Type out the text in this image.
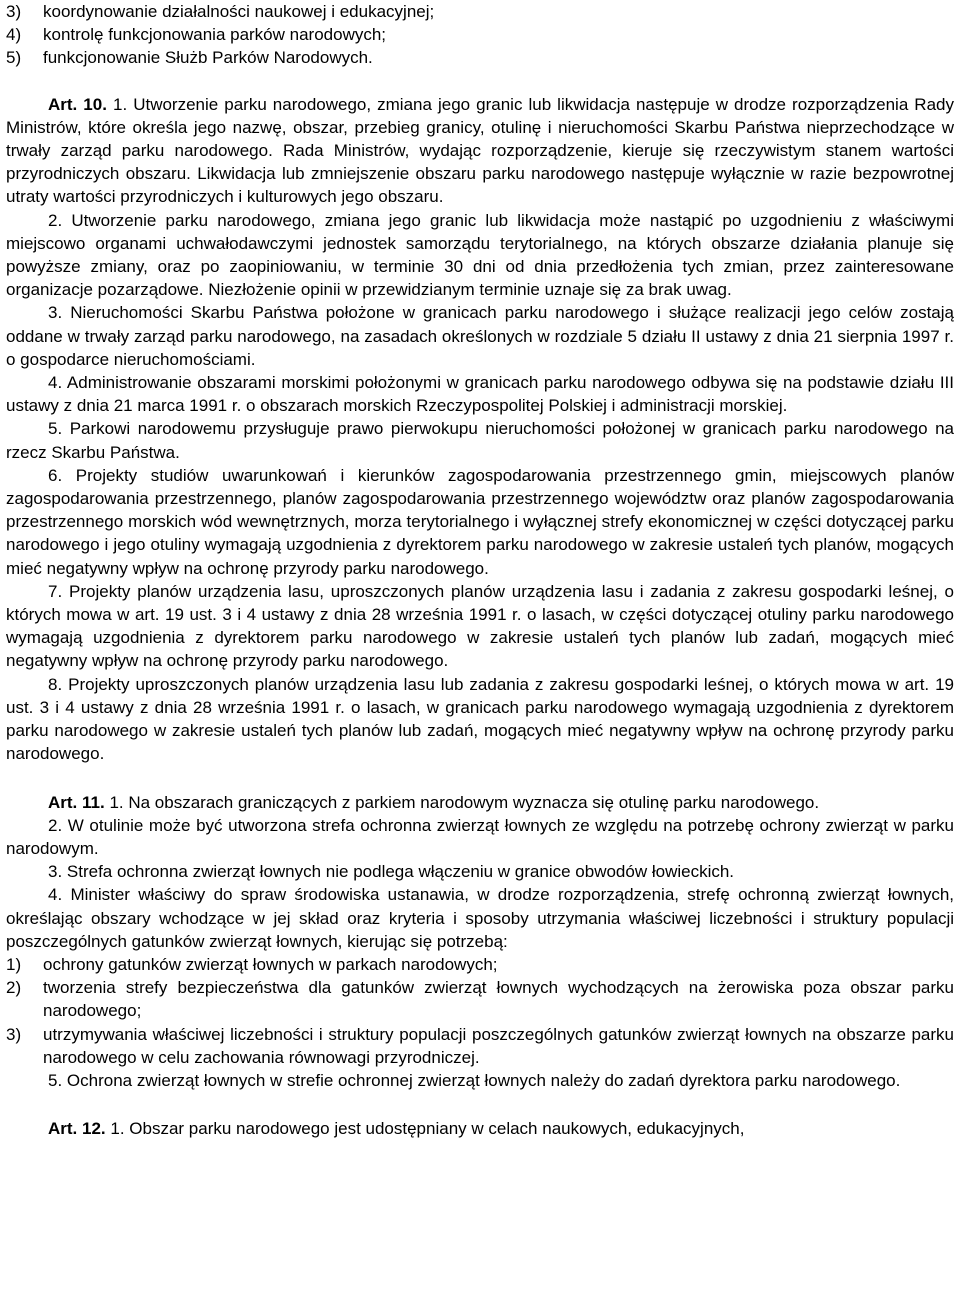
3)	koordynowanie działalności naukowej i edukacyjnej;
4)	kontrolę funkcjonowania parków narodowych;
5)	funkcjonowanie Służb Parków Narodowych.

Art. 10. 1. Utworzenie parku narodowego, zmiana jego granic lub likwidacja następuje w drodze rozporządzenia Rady Ministrów, które określa jego nazwę, obszar, przebieg granicy, otulinę i nieruchomości Skarbu Państwa nieprzechodzące w trwały zarząd parku narodowego. Rada Ministrów, wydając rozporządzenie, kieruje się rzeczywistym stanem wartości przyrodniczych obszaru. Likwidacja lub zmniejszenie obszaru parku narodowego następuje wyłącznie w razie bezpowrotnej utraty wartości przyrodniczych i kulturowych jego obszaru.

2. Utworzenie parku narodowego, zmiana jego granic lub likwidacja może nastąpić po uzgodnieniu z właściwymi miejscowo organami uchwałodawczymi jednostek samorządu terytorialnego, na których obszarze działania planuje się powyższe zmiany, oraz po zaopiniowaniu, w terminie 30 dni od dnia przedłożenia tych zmian, przez zainteresowane organizacje pozarządowe. Niezłożenie opinii w przewidzianym terminie uznaje się za brak uwag.

3. Nieruchomości Skarbu Państwa położone w granicach parku narodowego i służące realizacji jego celów zostają oddane w trwały zarząd parku narodowego, na zasadach określonych w rozdziale 5 działu II ustawy z dnia 21 sierpnia 1997 r. o gospodarce nieruchomościami.

4. Administrowanie obszarami morskimi położonymi w granicach parku narodowego odbywa się na podstawie działu III ustawy z dnia 21 marca 1991 r. o obszarach morskich Rzeczypospolitej Polskiej i administracji morskiej.

5. Parkowi narodowemu przysługuje prawo pierwokupu nieruchomości położonej w granicach parku narodowego na rzecz Skarbu Państwa.

6. Projekty studiów uwarunkowań i kierunków zagospodarowania przestrzennego gmin, miejscowych planów zagospodarowania przestrzennego, planów zagospodarowania przestrzennego województw oraz planów zagospodarowania przestrzennego morskich wód wewnętrznych, morza terytorialnego i wyłącznej strefy ekonomicznej w części dotyczącej parku narodowego i jego otuliny wymagają uzgodnienia z dyrektorem parku narodowego w zakresie ustaleń tych planów, mogących mieć negatywny wpływ na ochronę przyrody parku narodowego.

7. Projekty planów urządzenia lasu, uproszczonych planów urządzenia lasu i zadania z zakresu gospodarki leśnej, o których mowa w art. 19 ust. 3 i 4 ustawy z dnia 28 września 1991 r. o lasach, w części dotyczącej otuliny parku narodowego wymagają uzgodnienia z dyrektorem parku narodowego w zakresie ustaleń tych planów lub zadań, mogących mieć negatywny wpływ na ochronę przyrody parku narodowego.

8. Projekty uproszczonych planów urządzenia lasu lub zadania z zakresu gospodarki leśnej, o których mowa w art. 19 ust. 3 i 4 ustawy z dnia 28 września 1991 r. o lasach, w granicach parku narodowego wymagają uzgodnienia z dyrektorem parku narodowego w zakresie ustaleń tych planów lub zadań, mogących mieć negatywny wpływ na ochronę przyrody parku narodowego.

Art. 11. 1. Na obszarach graniczących z parkiem narodowym wyznacza się otulinę parku narodowego.

2. W otulinie może być utworzona strefa ochronna zwierząt łownych ze względu na potrzebę ochrony zwierząt w parku narodowym.

3. Strefa ochronna zwierząt łownych nie podlega włączeniu w granice obwodów łowieckich.

4. Minister właściwy do spraw środowiska ustanawia, w drodze rozporządzenia, strefę ochronną zwierząt łownych, określając obszary wchodzące w jej skład oraz kryteria i sposoby utrzymania właściwej liczebności i struktury populacji poszczególnych gatunków zwierząt łownych, kierując się potrzebą:

1)	ochrony gatunków zwierząt łownych w parkach narodowych;
2)	tworzenia strefy bezpieczeństwa dla gatunków zwierząt łownych wychodzących na żerowiska poza obszar parku narodowego;
3)	utrzymywania właściwej liczebności i struktury populacji poszczególnych gatunków zwierząt łownych na obszarze parku narodowego w celu zachowania równowagi przyrodniczej.

5. Ochrona zwierząt łownych w strefie ochronnej zwierząt łownych należy do zadań dyrektora parku narodowego.

Art. 12. 1. Obszar parku narodowego jest udostępniany w celach naukowych, edukacyjnych,
